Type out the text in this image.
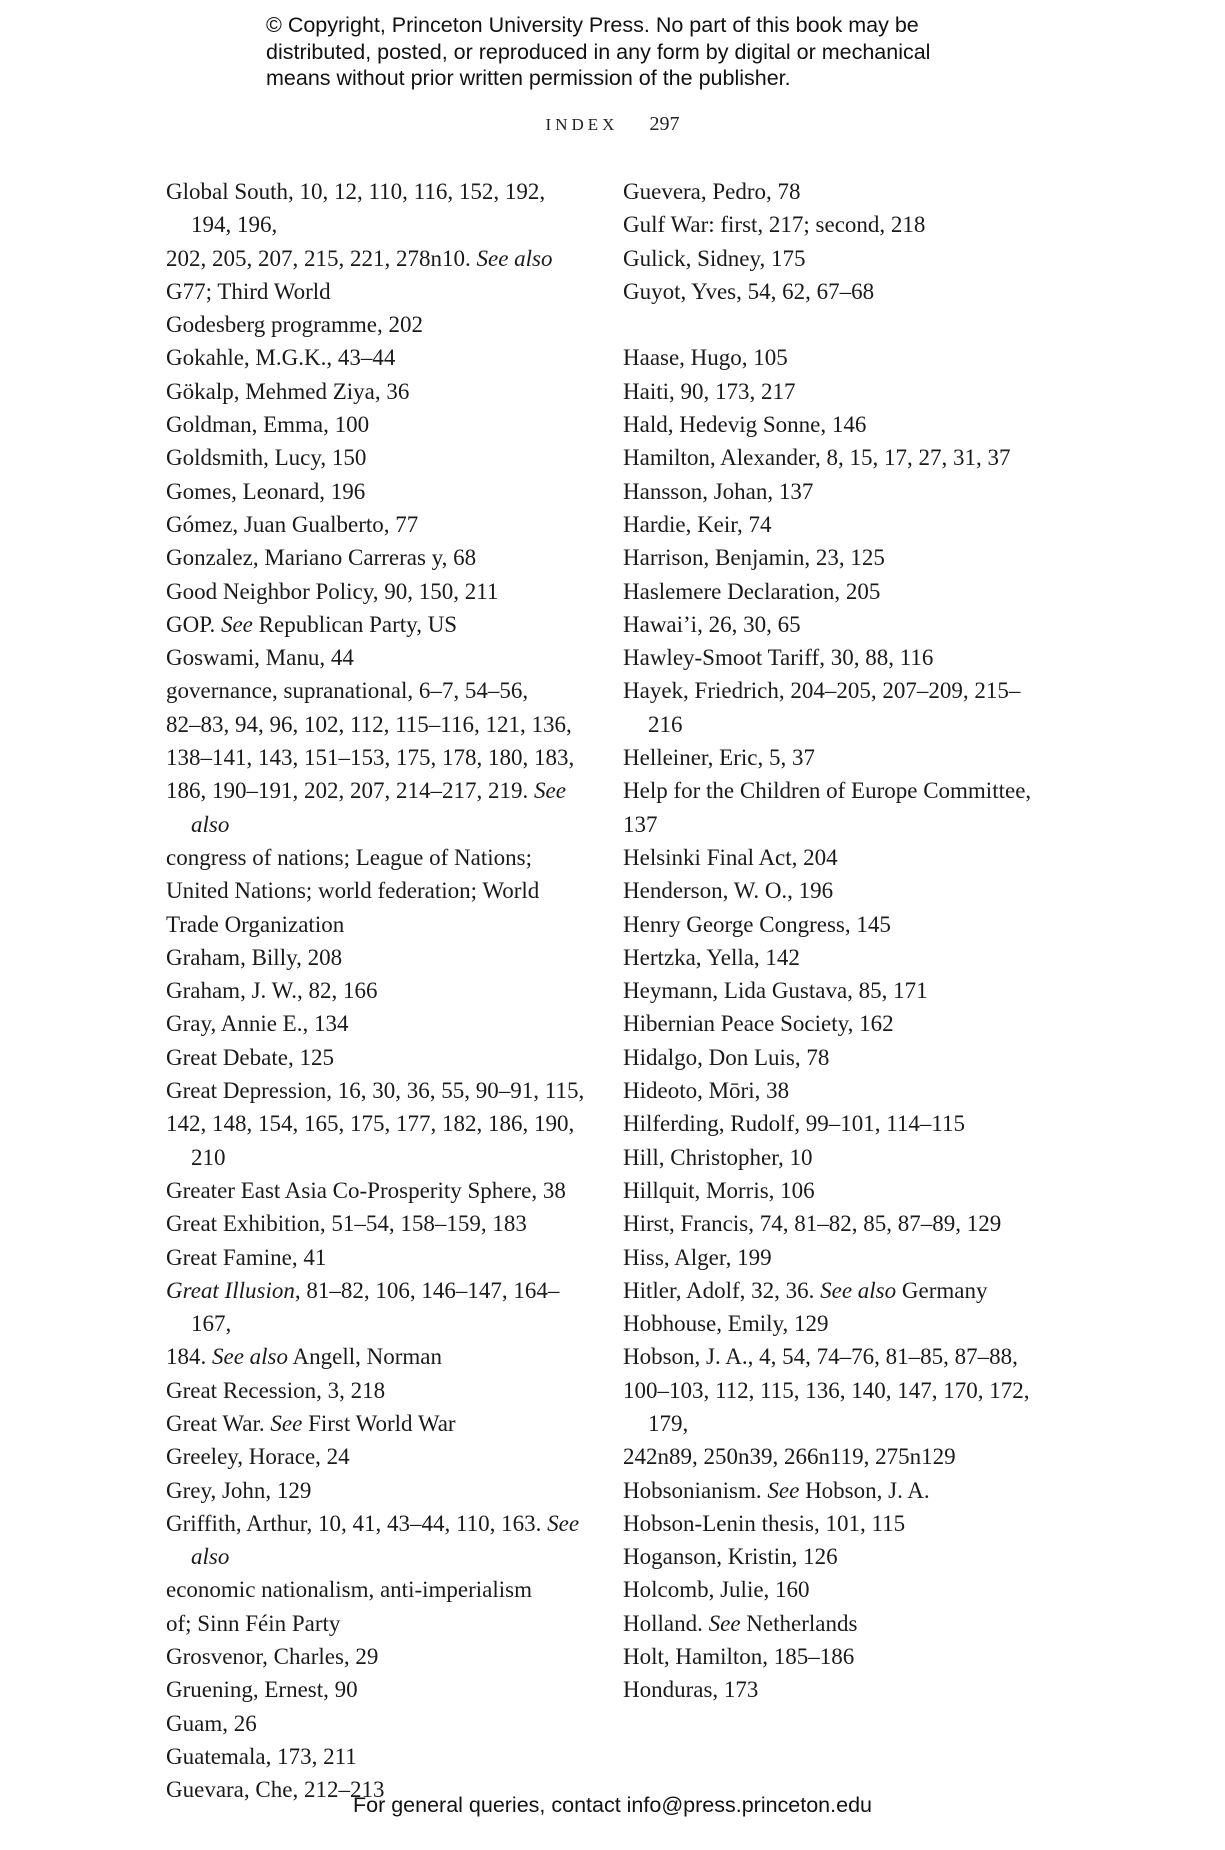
© Copyright, Princeton University Press. No part of this book may be

distributed, posted, or reproduced in any form by digital or mechanical

means without prior written permission of the publisher.

INDEX 297
Global South, 10, 12, 110, 116, 152, 192, 194, 196,
202, 205, 207, 215, 221, 278n10. See also
G77; Third World
Godesberg programme, 202
Gokahle, M.G.K., 43–44
Gökalp, Mehmed Ziya, 36
Goldman, Emma, 100
Goldsmith, Lucy, 150
Gomes, Leonard, 196
Gómez, Juan Gualberto, 77
Gonzalez, Mariano Carreras y, 68
Good Neighbor Policy, 90, 150, 211
GOP. See Republican Party, US
Goswami, Manu, 44
governance, supranational, 6–7, 54–56,
82–83, 94, 96, 102, 112, 115–116, 121, 136,
138–141, 143, 151–153, 175, 178, 180, 183,
186, 190–191, 202, 207, 214–217, 219. See also
congress of nations; League of Nations;
United Nations; world federation; World
Trade Organization
Graham, Billy, 208
Graham, J. W., 82, 166
Gray, Annie E., 134
Great Debate, 125
Great Depression, 16, 30, 36, 55, 90–91, 115,
142, 148, 154, 165, 175, 177, 182, 186, 190, 210
Greater East Asia Co-Prosperity Sphere, 38
Great Exhibition, 51–54, 158–159, 183
Great Famine, 41
Great Illusion, 81–82, 106, 146–147, 164–167,
184. See also Angell, Norman
Great Recession, 3, 218
Great War. See First World War
Greeley, Horace, 24
Grey, John, 129
Griffith, Arthur, 10, 41, 43–44, 110, 163. See also
economic nationalism, anti-imperialism
of; Sinn Féin Party
Grosvenor, Charles, 29
Gruening, Ernest, 90
Guam, 26
Guatemala, 173, 211
Guevara, Che, 212–213
Guevera, Pedro, 78
Gulf War: first, 217; second, 218
Gulick, Sidney, 175
Guyot, Yves, 54, 62, 67–68
Haase, Hugo, 105
Haiti, 90, 173, 217
Hald, Hedevig Sonne, 146
Hamilton, Alexander, 8, 15, 17, 27, 31, 37
Hansson, Johan, 137
Hardie, Keir, 74
Harrison, Benjamin, 23, 125
Haslemere Declaration, 205
Hawai’i, 26, 30, 65
Hawley-Smoot Tariff, 30, 88, 116
Hayek, Friedrich, 204–205, 207–209, 215–216
Helleiner, Eric, 5, 37
Help for the Children of Europe Committee,
137
Helsinki Final Act, 204
Henderson, W. O., 196
Henry George Congress, 145
Hertzka, Yella, 142
Heymann, Lida Gustava, 85, 171
Hibernian Peace Society, 162
Hidalgo, Don Luis, 78
Hideoto, Mōri, 38
Hilferding, Rudolf, 99–101, 114–115
Hill, Christopher, 10
Hillquit, Morris, 106
Hirst, Francis, 74, 81–82, 85, 87–89, 129
Hiss, Alger, 199
Hitler, Adolf, 32, 36. See also Germany
Hobhouse, Emily, 129
Hobson, J. A., 4, 54, 74–76, 81–85, 87–88,
100–103, 112, 115, 136, 140, 147, 170, 172, 179,
242n89, 250n39, 266n119, 275n129
Hobsonianism. See Hobson, J. A.
Hobson-Lenin thesis, 101, 115
Hoganson, Kristin, 126
Holcomb, Julie, 160
Holland. See Netherlands
Holt, Hamilton, 185–186
Honduras, 173
For general queries, contact info@press.princeton.edu
